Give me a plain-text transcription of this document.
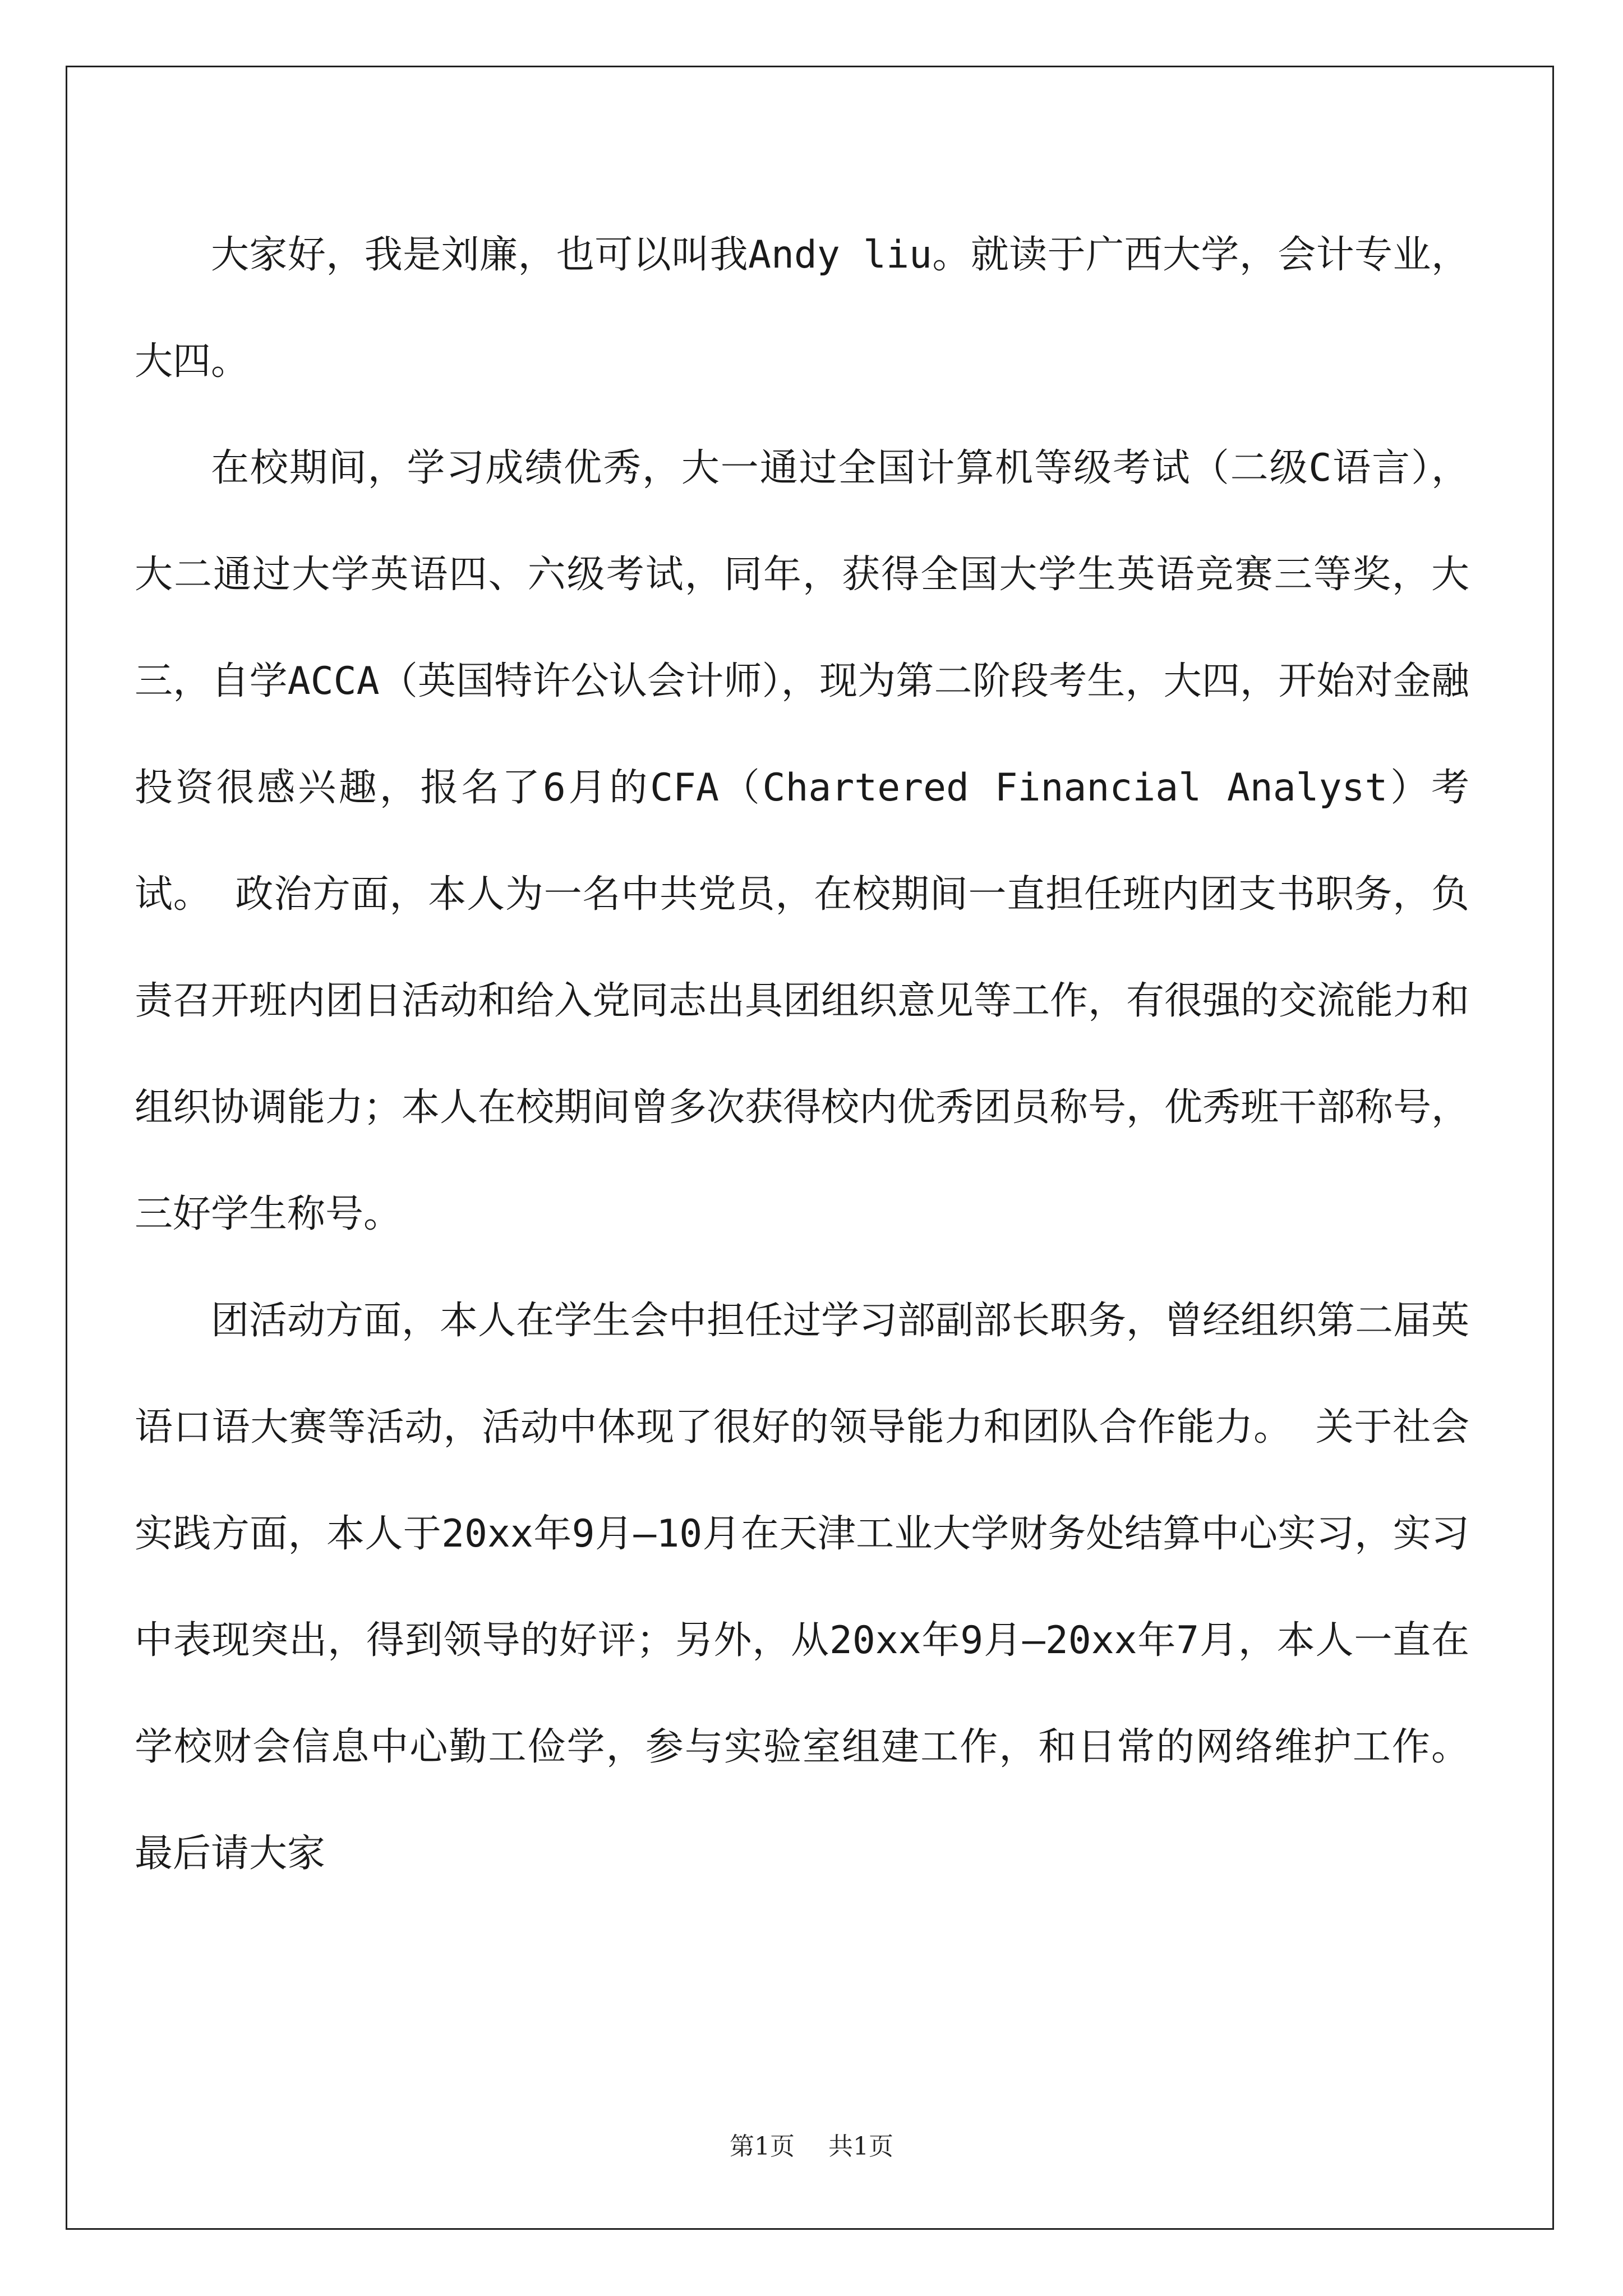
大家好，我是刘廉，也可以叫我Andy liu。就读于广西大学，会计专业，大四。

在校期间，学习成绩优秀，大一通过全国计算机等级考试（二级C语言），大二通过大学英语四、六级考试，同年，获得全国大学生英语竞赛三等奖，大三，自学ACCA（英国特许公认会计师），现为第二阶段考生，大四，开始对金融投资很感兴趣，报名了6月的CFA（Chartered Financial Analyst）考试。 政治方面，本人为一名中共党员，在校期间一直担任班内团支书职务，负责召开班内团日活动和给入党同志出具团组织意见等工作，有很强的交流能力和组织协调能力；本人在校期间曾多次获得校内优秀团员称号，优秀班干部称号，三好学生称号。

团活动方面，本人在学生会中担任过学习部副部长职务，曾经组织第二届英语口语大赛等活动，活动中体现了很好的领导能力和团队合作能力。 关于社会实践方面，本人于20xx年9月—10月在天津工业大学财务处结算中心实习，实习中表现突出，得到领导的好评；另外，从20xx年9月—20xx年7月，本人一直在学校财会信息中心勤工俭学，参与实验室组建工作，和日常的网络维护工作。 最后请大家

第1页 共1页
